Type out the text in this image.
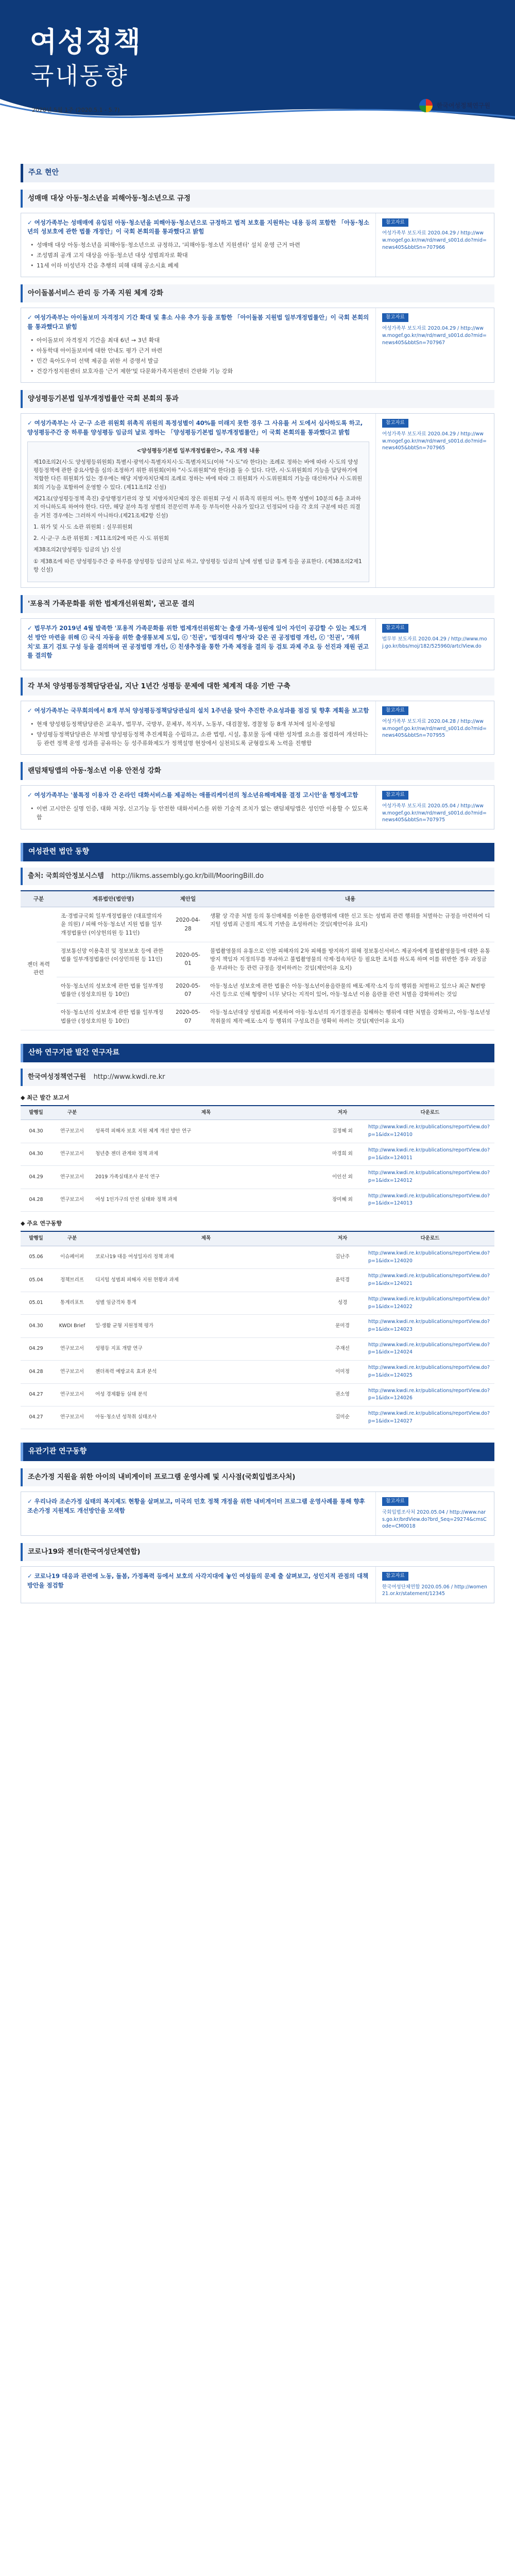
여성정책
국내동향
2020년 5월 1주 (2020.5.1 - 5.7)
한국여성정책연구원
주요 현안
성매매 대상 아동·청소년을 피해아동·청소년으로 규정
✓ 여성가족부는 성매매에 유입된 아동·청소년을 피해아동·청소년으로 규정하고 법적 보호를 지원하는 내용 등의 포함한 「아동·청소년의 성보호에 관한 법률 개정안」이 국회 본회의를 통과했다고 밝힘
• 성매매 대상 아동·청소년을 피해아동·청소년으로 규정하고, '피해아동·청소년 지원센터' 설치 운영 근거 마련
• 조성범죄 공개 고지 대상을 아동·청소년 대상 성범죄자로 확대
• 11세 이하 미성년자 간음 추행의 피해 대해 공소시효 폐제
참고자료
여성가족부 보도자료 2020.04.29 / http://www.mogef.go.kr/nw/rd/nwrd_s001d.do?mid=news405&bbtSn=707966
아이돌봄서비스 관리 등 가족 지원 체계 강화
✓ 여성가족부는 아이돌보미 자격정지 기간 확대 및 휴소 사유 추가 등을 포함한 「아이돌봄 지원법 일부개정법률안」이 국회 본회의를 통과했다고 밝힘
• 아이돌보미 자격정지 기간을 최대 6년 → 3년 확대
• 아동학대 아이돌보미에 대한 안내도 평가 근거 마련
• 민간 육아도우미 선택 제공을 위한 서 증명서 발급
• 건강가정지원센터 보호자를 '근거 제한'및 다문화가족지원센터 간판화 기능 강화
참고자료
여성가족부 보도자료 2020.04.29 / http://www.mogef.go.kr/nw/rd/nwrd_s001d.do?mid=news405&bbtSn=707967
양성평등기본법 일부개정법률안 국회 본회의 통과
✓ 여성가족부는 사 군·구 소관 위원회 위촉직 위원의 특정성별이 40%를 미래지 못한 경우 그 사유를 서 도에서 심사하도록 하고, 양성평등주간 중 하루를 양성평등 임금의 날로 정하는 「양성평등기본법 일부개정법률안」이 국회 본회의를 통과했다고 밝힘
<양성평등기본법 일부개정법률안>, 주요 개정 내용

제10조의2(시·도 양성평등위원회) 특별시·광역시·특별자치시·도·특별자치도(이하 "시·도"라 한다)는 조례로 정하는 바에 따라 시·도의 양성평등정책에 관한 중요사항을 심의·조정하기 위한 위원회(이하 "시·도위원회"라 한다)를 둘 수 있다. 다만, 시·도위원회의 기능을 담당하기에 적합한 다른 위원회가 있는 경우에는 해당 지방자치단체의 조례로 정하는 바에 따라 그 위원회가 시·도위원회의 기능을 대신하거나 시·도위원회의 기능을 포함하여 운영할 수 있다. (제11조의2 신설)

제21조(양성평등정책 촉진) 중앙행정기관의 장 및 지방자치단체의 장은 위원회 구성 시 위촉직 위원의 어느 한쪽 성별이 10분의 6을 초과하지 아니하도록 하여야 한다. 다만, 해당 분야 특정 성별의 전문인력 부족 등 부득이한 사유가 있다고 인정되어 다음 각 호의 구분에 따른 의결을 거친 경우에는 그러하지 아니하다.(제21조제2항 신설)

1. 위가 및 시·도 소관 위원회 : 실무위원회

2. 시·군·구 소관 위원회 : 제11조의2에 따른 시·도 위원회

제38조의2(양성평등 임금의 날) 신설

① 제38조에 따른 양성평등주간 중 하루를 양성평등 임금의 날로 하고, 양성평등 임금의 날에 성별 임금 통계 등을 공표한다. (제38조의2제1항 신설)

참고자료
여성가족부 보도자료 2020.04.29 / http://www.mogef.go.kr/nw/rd/nwrd_s001d.do?mid=news405&bbtSn=707965
'포용적 가족문화를 위한 법제개선위원회', 권고문 결의
✓ 법무부가 2019년 4월 발족한 '포용적 가족문화를 위한 법제개선위원회'는 출생 가족·성원에 있어 자인이 공감할 수 있는 제도개선 방안 마련을 위해 ⓒ 국식 자동을 위한 출생통보제 도입, ⓒ '친권', '법정대리 행사'와 같은 권 공정법령 개선, ⓒ '친권', '재위치'로 표기 검토 구성 등을 결의하며 권 공정법령 개선, ⓒ 친생추정을 통한 가족 제정을 결의 등 검토 과제 주요 등 선진과 재원 권고를 결의함
참고자료
법무부 보도자료 2020.04.29 / http://www.moj.go.kr/bbs/moj/182/525960/artclView.do
각 부처 양성평등정책담당관실, 지난 1년간 성평등 문제에 대한 체계적 대응 기반 구축
✓ 여성가족부는 국무회의에서 8개 부처 양성평등정책담당관실의 설치 1주년을 맞아 추진한 주요성과를 점검 및 향후 계획을 보고함
• 현재 양성평등정책담당관은 교육부, 법무부, 국방부, 문체부, 복지부, 노동부, 대검찰청, 경찰청 등 8개 부처에 설치·운영됨
• 양성평등정책담당관은 부처별 양성평등정책 추진계획을 수립하고, 소관 법령, 시설, 홍보물 등에 대한 성차별 요소를 점검하여 개선하는 등 관련 정책 운영 성과를 공유하는 등 성주류화제도가 정책설명 현장에서 실천되도록 균형잡도록 노력을 진행함
참고자료
여성가족부 보도자료 2020.04.28 / http://www.mogef.go.kr/nw/rd/nwrd_s001d.do?mid=news405&bbtSn=707955
랜덤채팅앱의 아동·청소년 이용 안전성 강화
✓ 여성가족부는 '불특정 이용자 간 온라인 대화서비스를 제공하는 애플리케이션의 청소년유해매체물 결정 고시안'을 행정예고함
• 이번 고시안은 실명 인증, 대화 저장, 신고기능 등 안전한 대화서비스를 위한 기술적 조치가 없는 랜덤채팅앱은 성인만 이용할 수 있도록 함
참고자료
여성가족부 보도자료 2020.05.04 / http://www.mogef.go.kr/nw/rd/nwrd_s001d.do?mid=news405&bbtSn=707975
여성관련 법안 동향
출처: 국회의안정보시스템 http://likms.assembly.go.kr/bill/MooringBill.do
구분	계류법안(법안명)	제안일	내용
젠더 폭력 관련	조·경범규국회 일부개정법률안 (대표발의자 윤 의원) / 피해 아동·청소년 지원 법률 일부개정법률안 (이상헌의원 등 11인)	2020-04-28	생활 상 각종 처벌 등의 통신매체를 이용한 음란행위에 대한 신고 또는 성범죄 관련 행위를 처벌하는 규정을 마련하여 디지털 성범죄 근절의 제도적 기반을 조성하려는 것임(제안이유 요지)
	정보통신망 이용촉진 및 정보보호 등에 관한 법률 일부개정법률안 (이상민의원 등 11인)	2020-05-01	불법촬영물의 유통으로 인한 피해자의 2차 피해를 방지하기 위해 정보통신서비스 제공자에게 불법촬영물등에 대한 유통방지 책임자 지정의무를 부과하고 불법촬영물의 삭제·접속차단 등 필요한 조치를 하도록 하며 이를 위반한 경우 과징금을 부과하는 등 관련 규정을 정비하려는 것임(제안이유 요지)
	아동·청소년의 성보호에 관한 법률 일부개정법률안 (정성호의원 등 10인)	2020-05-07	아동·청소년 성보호에 관한 법률은 아동·청소년이용음란물의 배포·제작·소지 등의 행위를 처벌하고 있으나 최근 N번방 사건 등으로 인해 형량이 너무 낮다는 지적이 있어, 아동·청소년 이용 음란물 관련 처벌을 강화하려는 것임
	아동·청소년의 성보호에 관한 법률 일부개정법률안 (정성호의원 등 10인)	2020-05-07	아동·청소년대상 성범죄를 비롯하여 아동·청소년의 자기결정권을 침해하는 행위에 대한 처벌을 강화하고, 아동·청소년성착취물의 제작·배포·소지 등 행위의 구성요건을 명확히 하려는 것임(제안이유 요지)
산하 연구기관 발간 연구자료
한국여성정책연구원 http://www.kwdi.re.kr
◆ 최근 발간 보고서
발행일	구분	제목	저자	다운로드
04.30	연구보고서	성폭력 피해자 보호 지원 체계 개선 방안 연구	김정혜 외	http://www.kwdi.re.kr/publications/reportView.do?p=1&idx=124010
04.30	연구보고서	청년층 젠더 관계와 정책 과제	마경희 외	http://www.kwdi.re.kr/publications/reportView.do?p=1&idx=124011
04.29	연구보고서	2019 가족실태조사 분석 연구	이인선 외	http://www.kwdi.re.kr/publications/reportView.do?p=1&idx=124012
04.28	연구보고서	여성 1인가구의 안전 실태와 정책 과제	장미혜 외	http://www.kwdi.re.kr/publications/reportView.do?p=1&idx=124013
◆ 주요 연구동향
발행일	구분	제목	저자	다운로드
05.06	이슈페이퍼	코로나19 대응 여성일자리 정책 과제	김난주	http://www.kwdi.re.kr/publications/reportView.do?p=1&idx=124020
05.04	정책브리프	디지털 성범죄 피해자 지원 현황과 과제	윤덕경	http://www.kwdi.re.kr/publications/reportView.do?p=1&idx=124021
05.01	통계리포트	성별 임금격차 통계	성경	http://www.kwdi.re.kr/publications/reportView.do?p=1&idx=124022
04.30	KWDI Brief	일·생활 균형 지원정책 평가	문미경	http://www.kwdi.re.kr/publications/reportView.do?p=1&idx=124023
04.29	연구보고서	성평등 지표 개발 연구	주재선	http://www.kwdi.re.kr/publications/reportView.do?p=1&idx=124024
04.28	연구보고서	젠더폭력 예방교육 효과 분석	이미정	http://www.kwdi.re.kr/publications/reportView.do?p=1&idx=124025
04.27	연구보고서	여성 경제활동 실태 분석	권소영	http://www.kwdi.re.kr/publications/reportView.do?p=1&idx=124026
04.27	연구보고서	아동·청소년 성착취 실태조사	김미순	http://www.kwdi.re.kr/publications/reportView.do?p=1&idx=124027
유관기관 연구동향
조손가정 지원을 위한 아이의 내비게이터 프로그램 운영사례 및 시사점(국회입법조사처)
✓ 우리나라 조손가정 실태의 복지제도 현황을 살펴보고, 미국의 민호 정책 개정을 위한 내비게이터 프로그램 운영사례를 통해 향후 조손가정 지원제도 개선방안을 모색함
참고자료
국회입법조사처 2020.05.04 / http://www.nars.go.kr/brdView.do?brd_Seq=29274&cmsCode=CM0018
코로나19와 젠더(한국여성단체연합)
✓ 코로나19 대응과 관련에 노동, 돌봄, 가정폭력 등에서 보호의 사각지대에 놓인 여성들의 문제 출 살펴보고, 성인지적 관점의 대책 방안을 점검함
참고자료
한국여성단체연합 2020.05.06 / http://women21.or.kr/statement/12345
